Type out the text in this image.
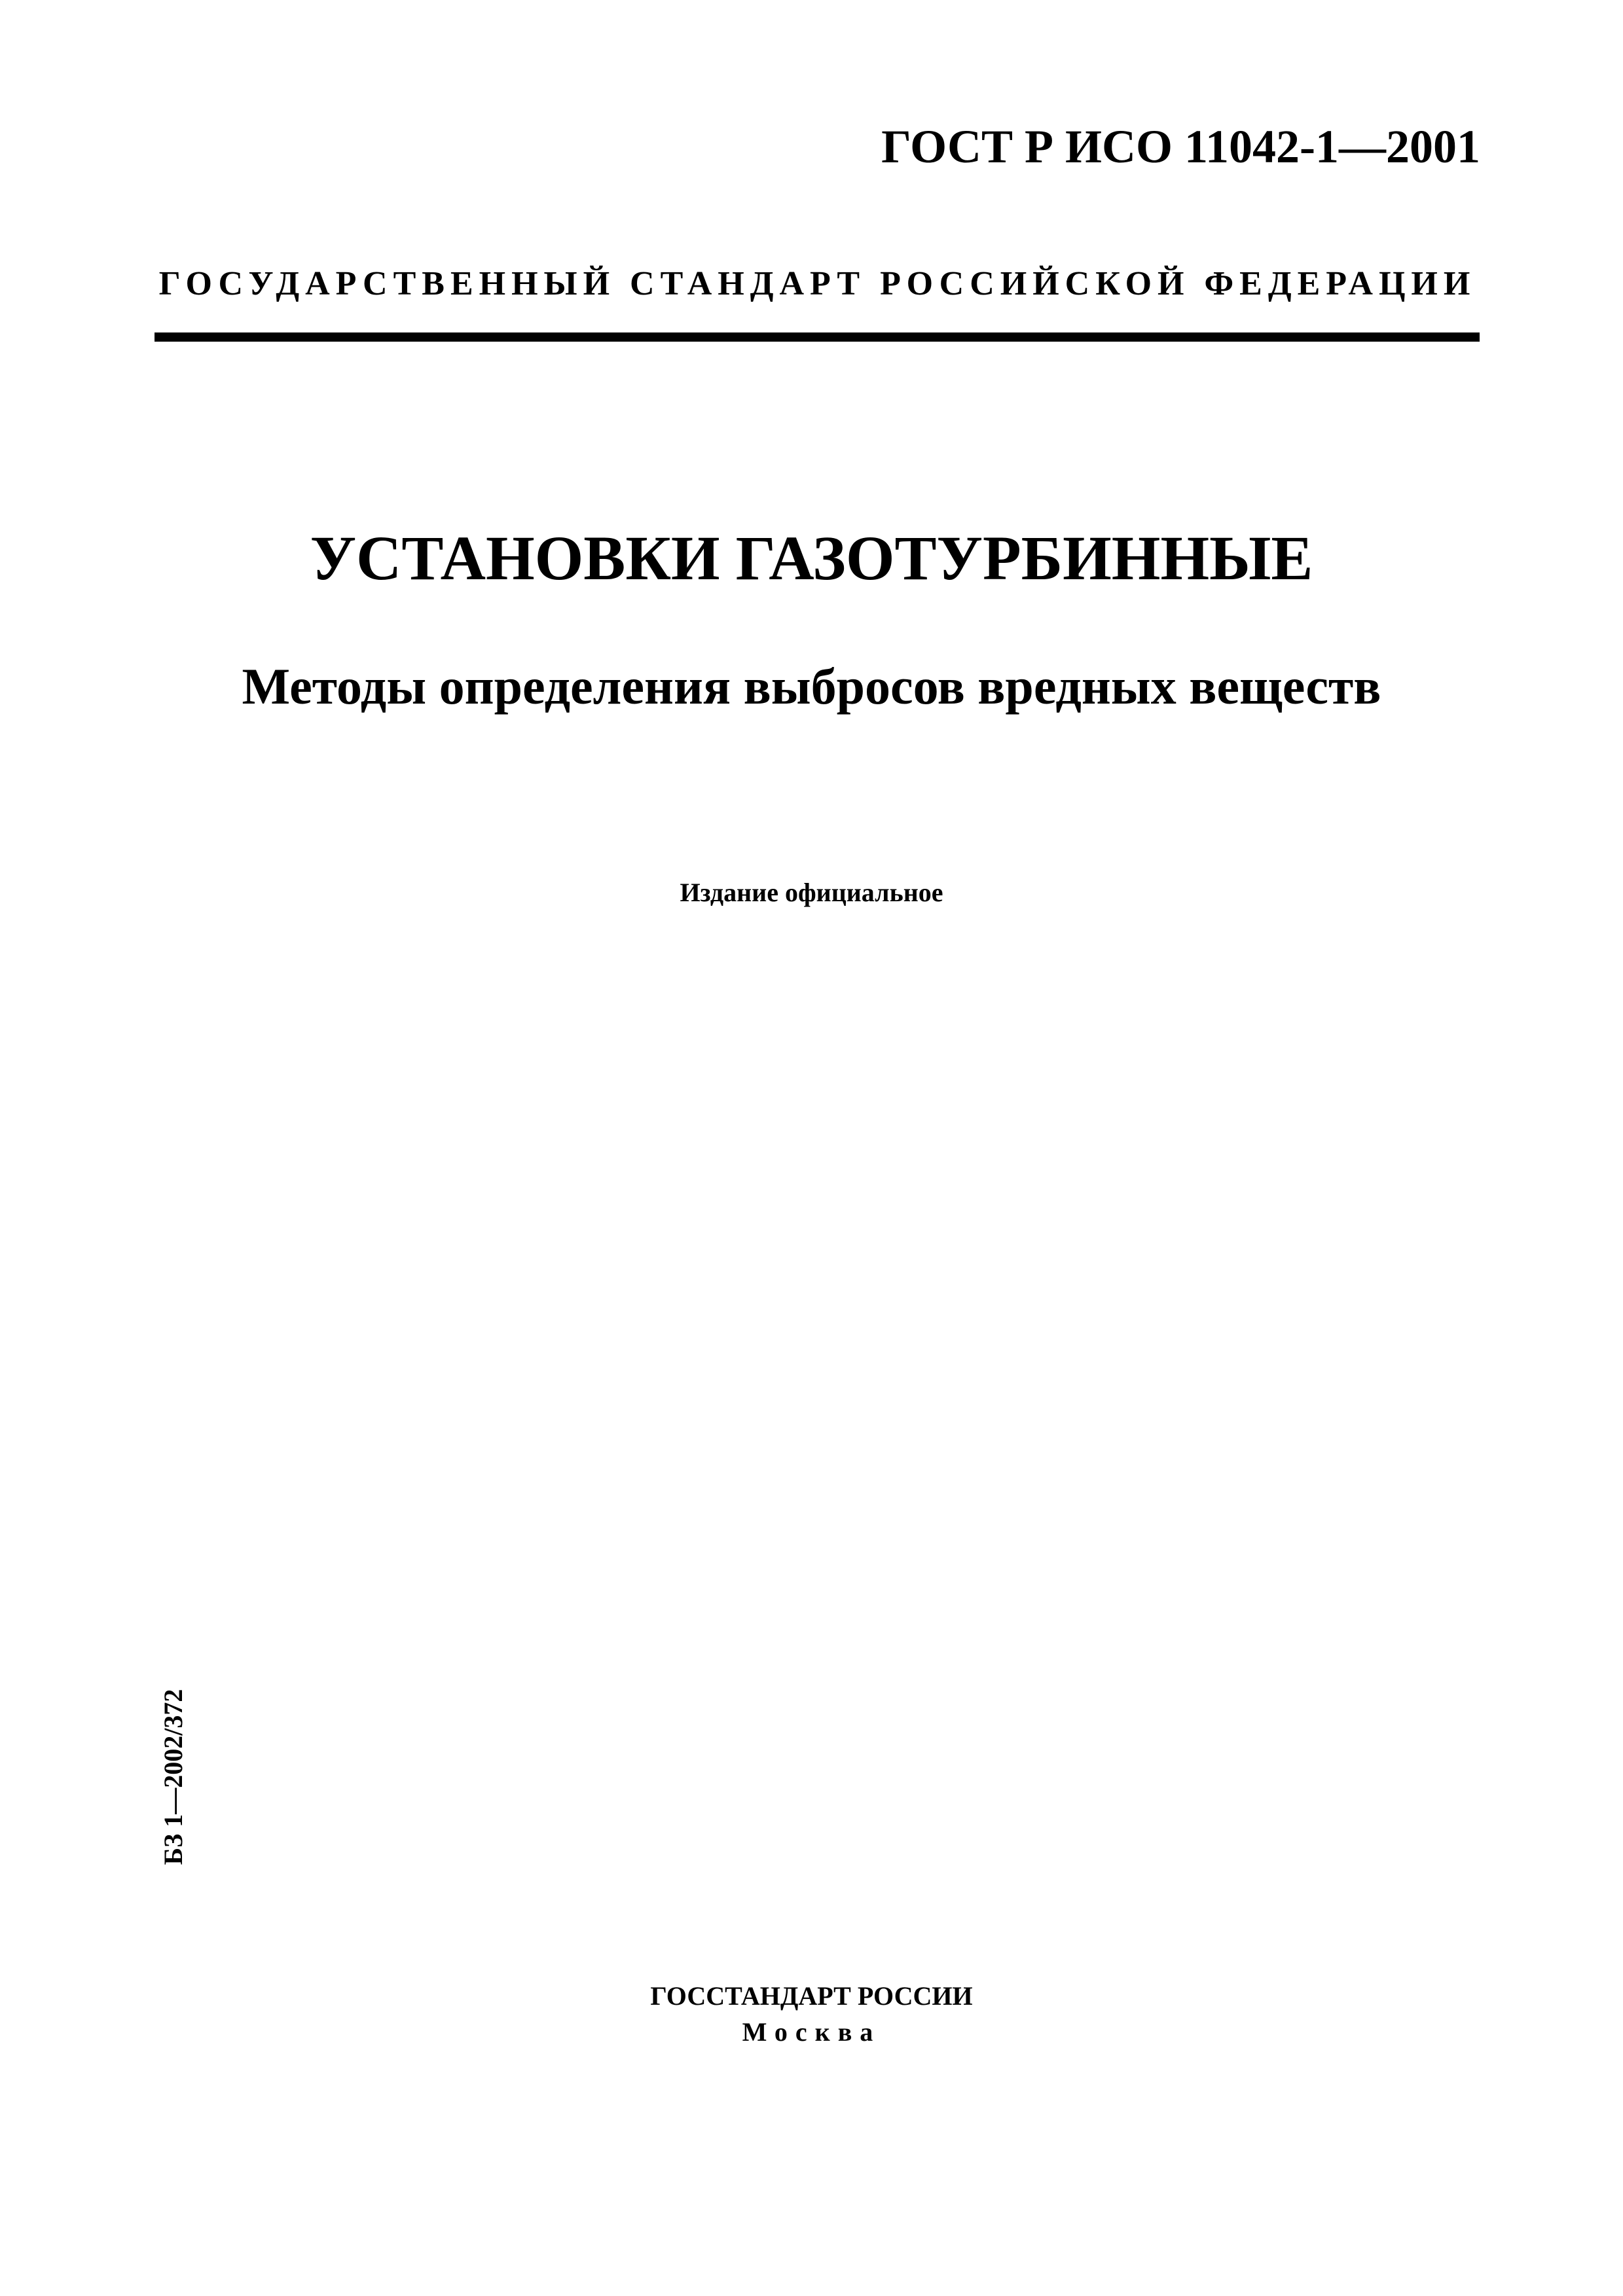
ГОСТ Р ИСО 11042-1—2001
ГОСУДАРСТВЕННЫЙ СТАНДАРТ РОССИЙСКОЙ ФЕДЕРАЦИИ
УСТАНОВКИ ГАЗОТУРБИННЫЕ
Методы определения выбросов вредных веществ
Издание официальное
БЗ 1—2002/372
ГОССТАНДАРТ РОССИИ
Москва
